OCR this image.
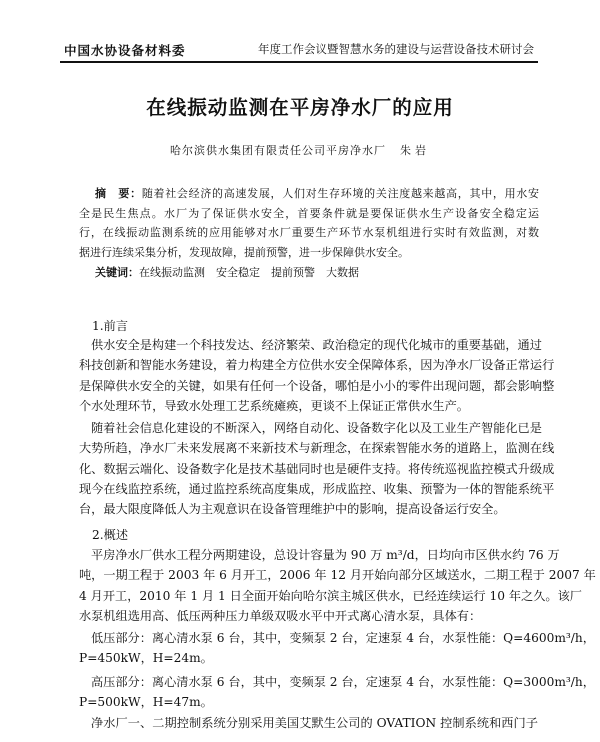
中国水协设备材料委	年度工作会议暨智慧水务的建设与运营设备技术研讨会
在线振动监测在平房净水厂的应用
哈尔滨供水集团有限责任公司平房净水厂 朱岩
摘　要：随着社会经济的高速发展，人们对生存环境的关注度越来越高，其中，用水安
全是民生焦点。水厂为了保证供水安全，首要条件就是要保证供水生产设备安全稳定运
行，在线振动监测系统的应用能够对水厂重要生产环节水泵机组进行实时有效监测，对数
据进行连续采集分析，发现故障，提前预警，进一步保障供水安全。
关键词：在线振动监测　安全稳定　提前预警　大数据
1.前言
供水安全是构建一个科技发达、经济繁荣、政治稳定的现代化城市的重要基础，通过
科技创新和智能水务建设，着力构建全方位供水安全保障体系，因为净水厂设备正常运行
是保障供水安全的关键，如果有任何一个设备，哪怕是小小的零件出现问题，都会影响整
个水处理环节，导致水处理工艺系统瘫痪，更谈不上保证正常供水生产。
随着社会信息化建设的不断深入，网络自动化、设备数字化以及工业生产智能化已是
大势所趋，净水厂未来发展离不来新技术与新理念，在探索智能水务的道路上，监测在线
化、数据云端化、设备数字化是技术基础同时也是硬件支持。将传统巡视监控模式升级成
现今在线监控系统，通过监控系统高度集成，形成监控、收集、预警为一体的智能系统平
台，最大限度降低人为主观意识在设备管理维护中的影响，提高设备运行安全。
2.概述
平房净水厂供水工程分两期建设，总设计容量为 90 万 m³/d，日均向市区供水约 76 万
吨，一期工程于 2003 年 6 月开工，2006 年 12 月开始向部分区域送水，二期工程于 2007 年
4 月开工，2010 年 1 月 1 日全面开始向哈尔滨主城区供水，已经连续运行 10 年之久。该厂
水泵机组选用高、低压两种压力单级双吸水平中开式离心清水泵，具体有：
低压部分：离心清水泵 6 台，其中，变频泵 2 台，定速泵 4 台，水泵性能：Q=4600m³/h，
P=450kW，H=24m。
高压部分：离心清水泵 6 台，其中，变频泵 2 台，定速泵 4 台，水泵性能：Q=3000m³/h，
P=500kW，H=47m。
净水厂一、二期控制系统分别采用美国艾默生公司的 OVATION 控制系统和西门子
